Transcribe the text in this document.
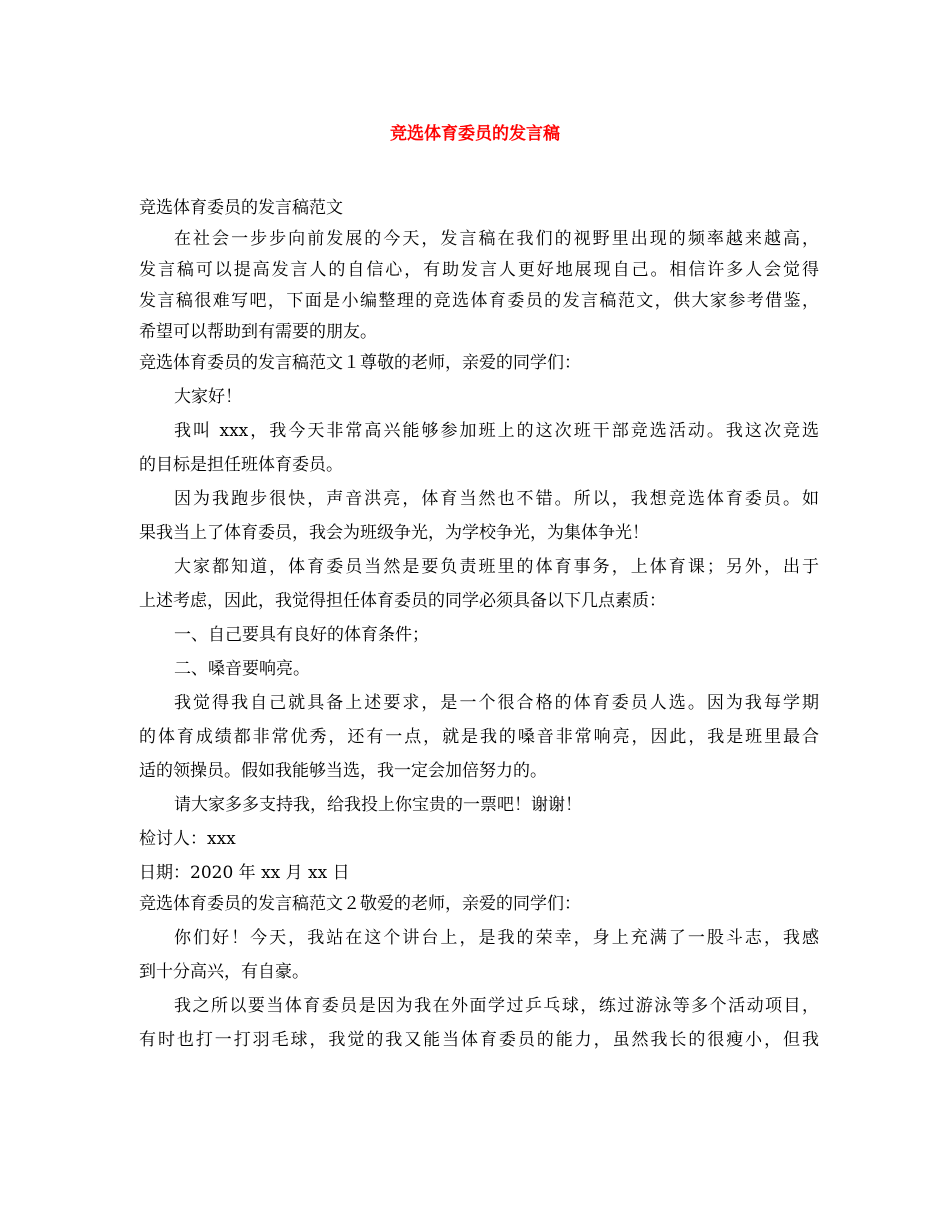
竞选体育委员的发言稿
竞选体育委员的发言稿范文
在社会一步步向前发展的今天，发言稿在我们的视野里出现的频率越来越高，
发言稿可以提高发言人的自信心，有助发言人更好地展现自己。相信许多人会觉得
发言稿很难写吧，下面是小编整理的竞选体育委员的发言稿范文，供大家参考借鉴，
希望可以帮助到有需要的朋友。
竞选体育委员的发言稿范文１尊敬的老师，亲爱的同学们：
大家好！
我叫 xxx，我今天非常高兴能够参加班上的这次班干部竞选活动。我这次竞选
的目标是担任班体育委员。
因为我跑步很快，声音洪亮，体育当然也不错。所以，我想竞选体育委员。如
果我当上了体育委员，我会为班级争光，为学校争光，为集体争光！
大家都知道，体育委员当然是要负责班里的体育事务，上体育课；另外，出于
上述考虑，因此，我觉得担任体育委员的同学必须具备以下几点素质：
一、自己要具有良好的体育条件；
二、嗓音要响亮。
我觉得我自己就具备上述要求，是一个很合格的体育委员人选。因为我每学期
的体育成绩都非常优秀，还有一点，就是我的嗓音非常响亮，因此，我是班里最合
适的领操员。假如我能够当选，我一定会加倍努力的。
请大家多多支持我，给我投上你宝贵的一票吧！谢谢！
检讨人：xxx
日期：2020 年 xx 月 xx 日
竞选体育委员的发言稿范文２敬爱的老师，亲爱的同学们：
你们好！今天，我站在这个讲台上，是我的荣幸，身上充满了一股斗志，我感
到十分高兴，有自豪。
我之所以要当体育委员是因为我在外面学过乒乓球，练过游泳等多个活动项目，
有时也打一打羽毛球，我觉的我又能当体育委员的能力，虽然我长的很瘦小，但我
